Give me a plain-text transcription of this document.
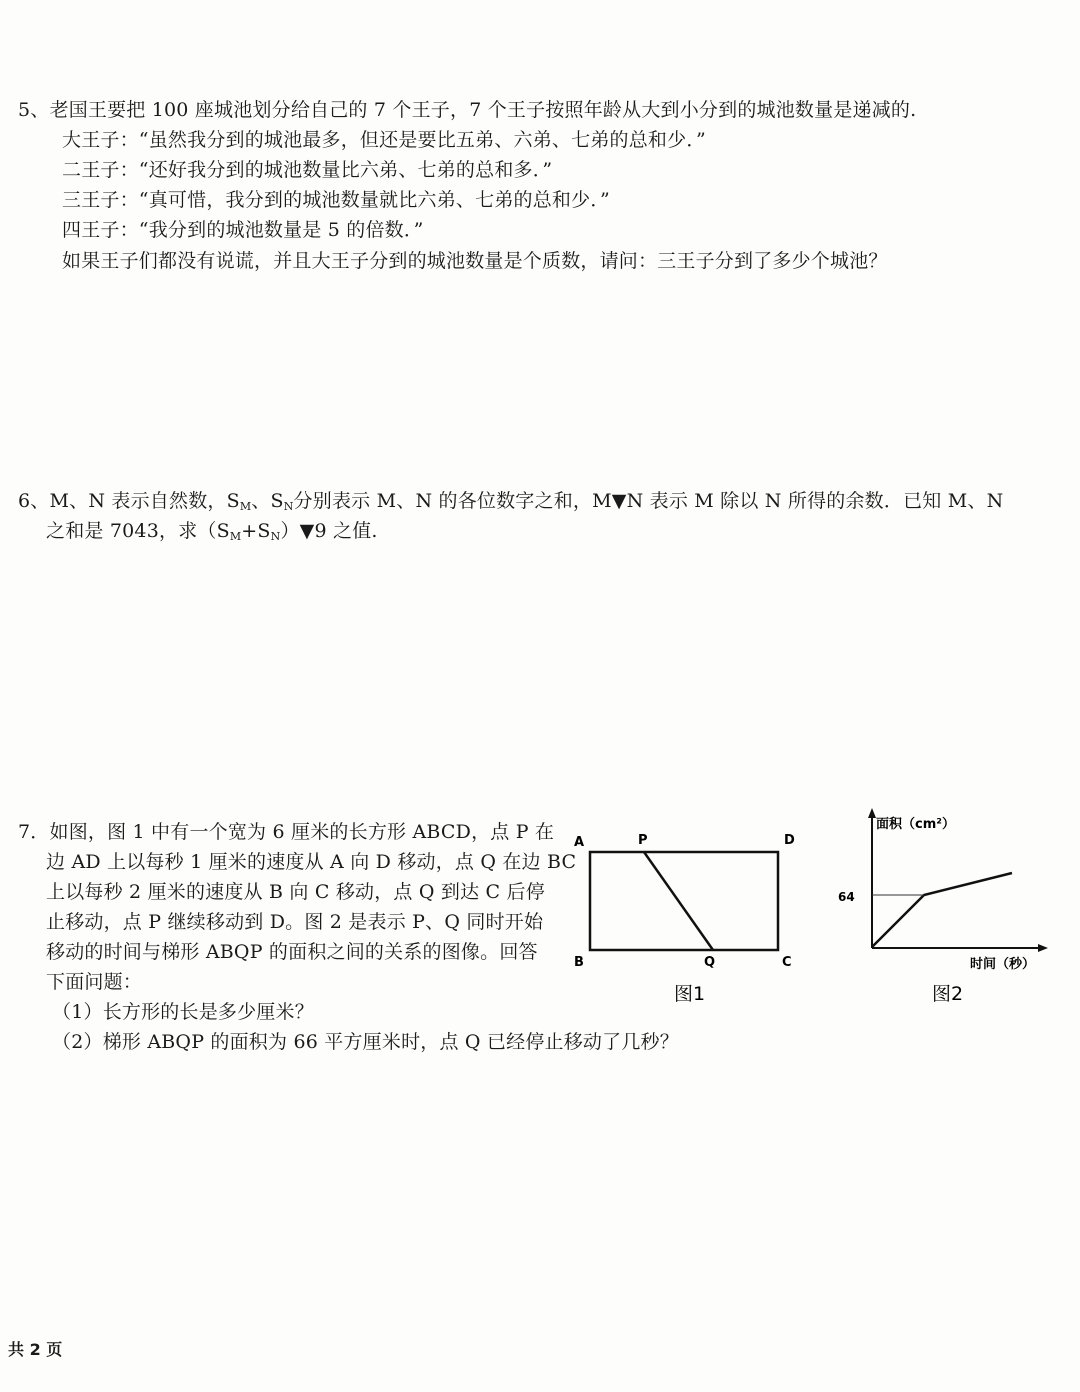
5、老国王要把 100 座城池划分给自己的 7 个王子，7 个王子按照年龄从大到小分到的城池数量是递减的.
大王子：“虽然我分到的城池最多，但还是要比五弟、六弟、七弟的总和少．”
二王子：“还好我分到的城池数量比六弟、七弟的总和多．”
三王子：“真可惜，我分到的城池数量就比六弟、七弟的总和少．”
四王子：“我分到的城池数量是 5 的倍数．”
如果王子们都没有说谎，并且大王子分到的城池数量是个质数，请问：三王子分到了多少个城池？
6、M、N 表示自然数，$S_M$、$S_N$分别表示 M、N 的各位数字之和，M▼N 表示 M 除以 N 所得的余数．已知 M、N
之和是 7043，求$(S_M+S_N)▼9$ 之值.
7．如图，图 1 中有一个宽为 6 厘米的长方形 ABCD，点 P 在
边 AD 上以每秒 1 厘米的速度从 A 向 D 移动，点 Q 在边 BC
上以每秒 2 厘米的速度从 B 向 C 移动，点 Q 到达 C 后停
止移动，点 P 继续移动到 D。图 2 是表示 P、Q 同时开始
移动的时间与梯形 ABQP 的面积之间的关系的图像。回答
下面问题：
（1）长方形的长是多少厘米？
（2）梯形 ABQP 的面积为 66 平方厘米时，点 Q 已经停止移动了几秒？
A	P	D
B	Q	C
图1
面积（cm²）
64
时间（秒）
图2
共 2 页
